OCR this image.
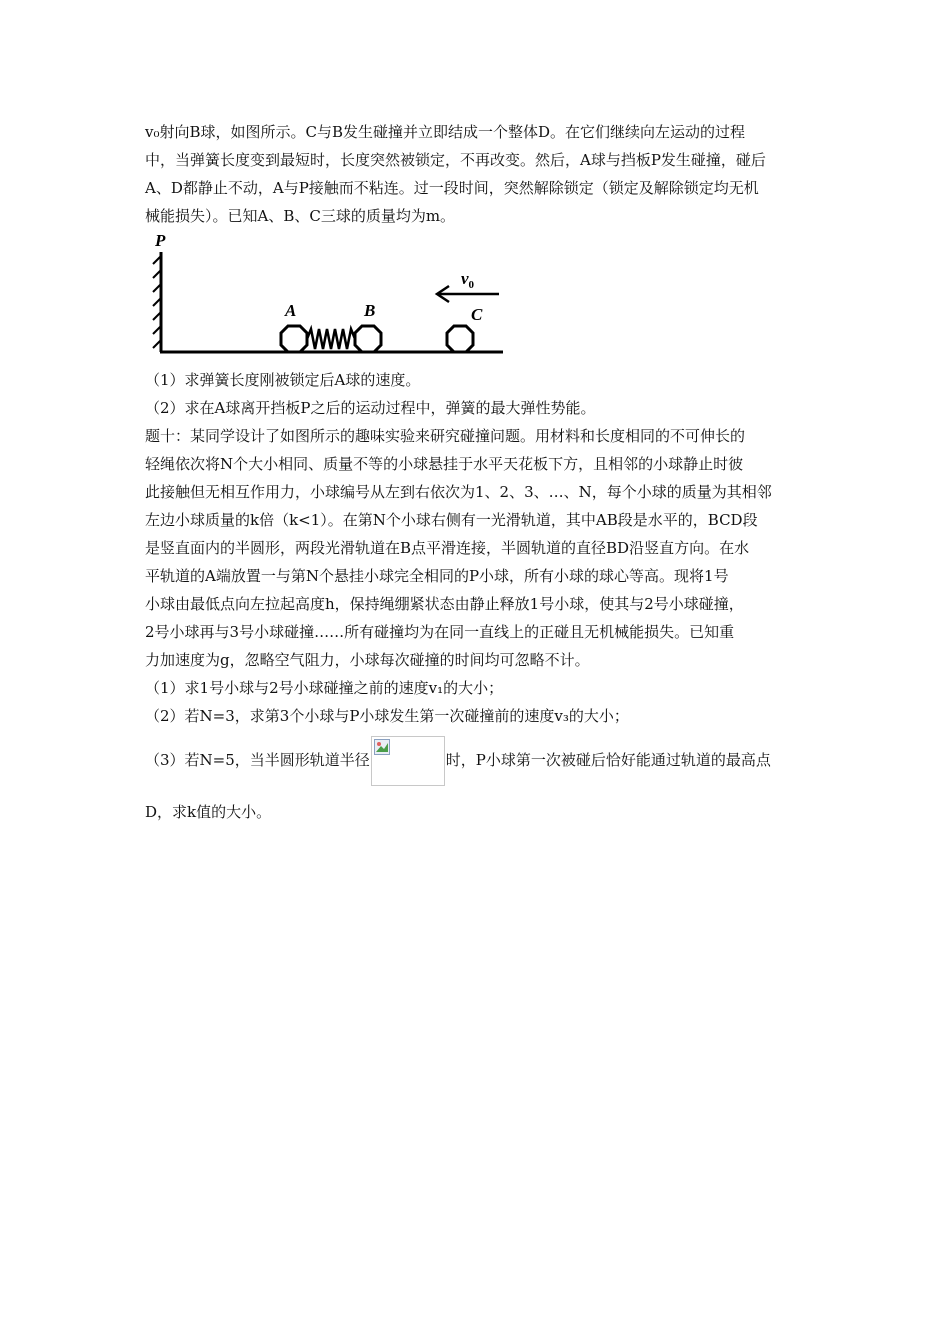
v₀射向B球，如图所示。C与B发生碰撞并立即结成一个整体D。在它们继续向左运动的过程

中，当弹簧长度变到最短时，长度突然被锁定，不再改变。然后，A球与挡板P发生碰撞，碰后

A、D都静止不动，A与P接触而不粘连。过一段时间，突然解除锁定（锁定及解除锁定均无机

械能损失）。已知A、B、C三球的质量均为m。

P
A	B	C
$v_0$

（1）求弹簧长度刚被锁定后A球的速度。

（2）求在A球离开挡板P之后的运动过程中，弹簧的最大弹性势能。

题十：某同学设计了如图所示的趣味实验来研究碰撞问题。用材料和长度相同的不可伸长的

轻绳依次将N个大小相同、质量不等的小球悬挂于水平天花板下方，且相邻的小球静止时彼

此接触但无相互作用力，小球编号从左到右依次为1、2、3、…、N，每个小球的质量为其相邻

左边小球质量的k倍（k<1）。在第N个小球右侧有一光滑轨道，其中AB段是水平的，BCD段

是竖直面内的半圆形，两段光滑轨道在B点平滑连接，半圆轨道的直径BD沿竖直方向。在水

平轨道的A端放置一与第N个悬挂小球完全相同的P小球，所有小球的球心等高。现将1号

小球由最低点向左拉起高度h，保持绳绷紧状态由静止释放1号小球，使其与2号小球碰撞，

2号小球再与3号小球碰撞……所有碰撞均为在同一直线上的正碰且无机械能损失。已知重

力加速度为g，忽略空气阻力，小球每次碰撞的时间均可忽略不计。

（1）求1号小球与2号小球碰撞之前的速度v₁的大小；

（2）若N=3，求第3个小球与P小球发生第一次碰撞前的速度v₃的大小；

（3）若N=5，当半圆形轨道半径	时，P小球第一次被碰后恰好能通过轨道的最高点

D，求k值的大小。
